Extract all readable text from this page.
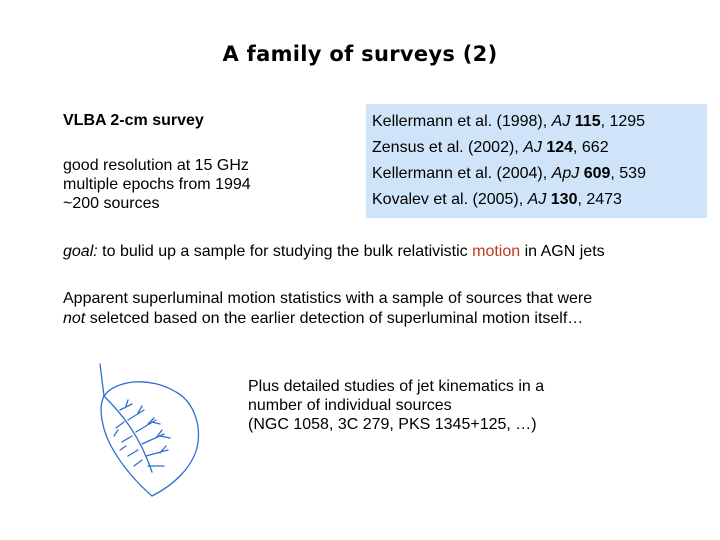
A family of surveys (2)
VLBA 2-cm survey
good resolution at 15 GHz
multiple epochs from 1994
~200 sources
Kellermann et al. (1998), AJ 115, 1295
Zensus et al. (2002), AJ 124, 662
Kellermann et al. (2004), ApJ 609, 539
Kovalev et al. (2005), AJ 130, 2473
goal: to bulid up a sample for studying the bulk relativistic motion in AGN jets
Apparent superluminal motion statistics with a sample of sources that were
not seletced based on the earlier detection of superluminal motion itself…
Plus detailed studies of jet kinematics in a
number of individual sources
(NGC 1058, 3C 279, PKS 1345+125, …)
